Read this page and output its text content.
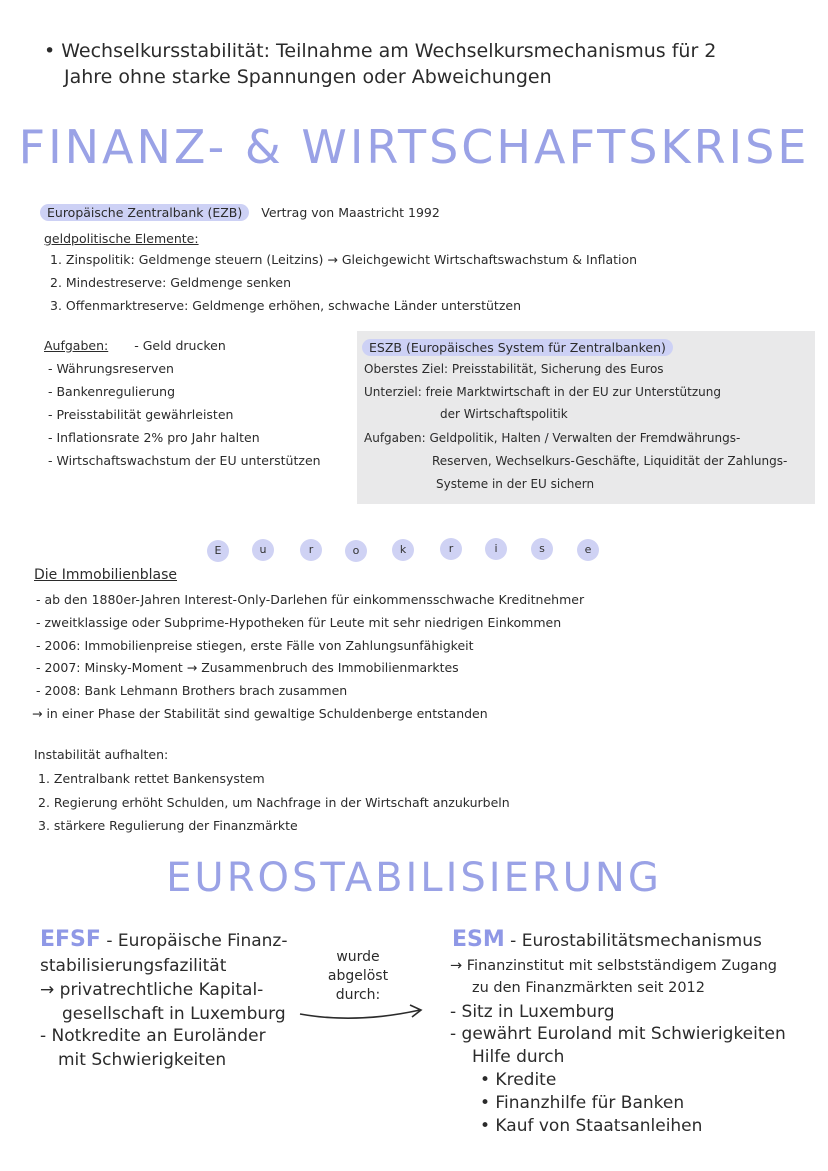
• Wechselkursstabilität: Teilnahme am Wechselkursmechanismus für 2
Jahre ohne starke Spannungen oder Abweichungen
FINANZ- & WIRTSCHAFTSKRISE
Europäische Zentralbank (EZB) Vertrag von Maastricht 1992
geldpolitische Elemente:
1. Zinspolitik: Geldmenge steuern (Leitzins) → Gleichgewicht Wirtschaftswachstum & Inflation
2. Mindestreserve: Geldmenge senken
3. Offenmarktreserve: Geldmenge erhöhen, schwache Länder unterstützen
Aufgaben: - Geld drucken
- Währungsreserven
- Bankenregulierung
- Preisstabilität gewährleisten
- Inflationsrate 2% pro Jahr halten
- Wirtschaftswachstum der EU unterstützen
ESZB (Europäisches System für Zentralbanken)
Oberstes Ziel: Preisstabilität, Sicherung des Euros
Unterziel: freie Marktwirtschaft in der EU zur Unterstützung
der Wirtschaftspolitik
Aufgaben: Geldpolitik, Halten / Verwalten der Fremdwährungs-
Reserven, Wechselkurs-Geschäfte, Liquidität der Zahlungs-
Systeme in der EU sichern
E	u	r	o	k	r	i	s	e
Die Immobilienblase
- ab den 1880er-Jahren Interest-Only-Darlehen für einkommensschwache Kreditnehmer
- zweitklassige oder Subprime-Hypotheken für Leute mit sehr niedrigen Einkommen
- 2006: Immobilienpreise stiegen, erste Fälle von Zahlungsunfähigkeit
- 2007: Minsky-Moment → Zusammenbruch des Immobilienmarktes
- 2008: Bank Lehmann Brothers brach zusammen
→ in einer Phase der Stabilität sind gewaltige Schuldenberge entstanden
Instabilität aufhalten:
1. Zentralbank rettet Bankensystem
2. Regierung erhöht Schulden, um Nachfrage in der Wirtschaft anzukurbeln
3. stärkere Regulierung der Finanzmärkte
EUROSTABILISIERUNG
EFSF - Europäische Finanz-
stabilisierungsfazilität
→ privatrechtliche Kapital-
gesellschaft in Luxemburg
- Notkredite an Euroländer
mit Schwierigkeiten
wurde
abgelöst
durch:
ESM - Eurostabilitätsmechanismus
→ Finanzinstitut mit selbstständigem Zugang
zu den Finanzmärkten seit 2012
- Sitz in Luxemburg
- gewährt Euroland mit Schwierigkeiten
Hilfe durch
• Kredite
• Finanzhilfe für Banken
• Kauf von Staatsanleihen
